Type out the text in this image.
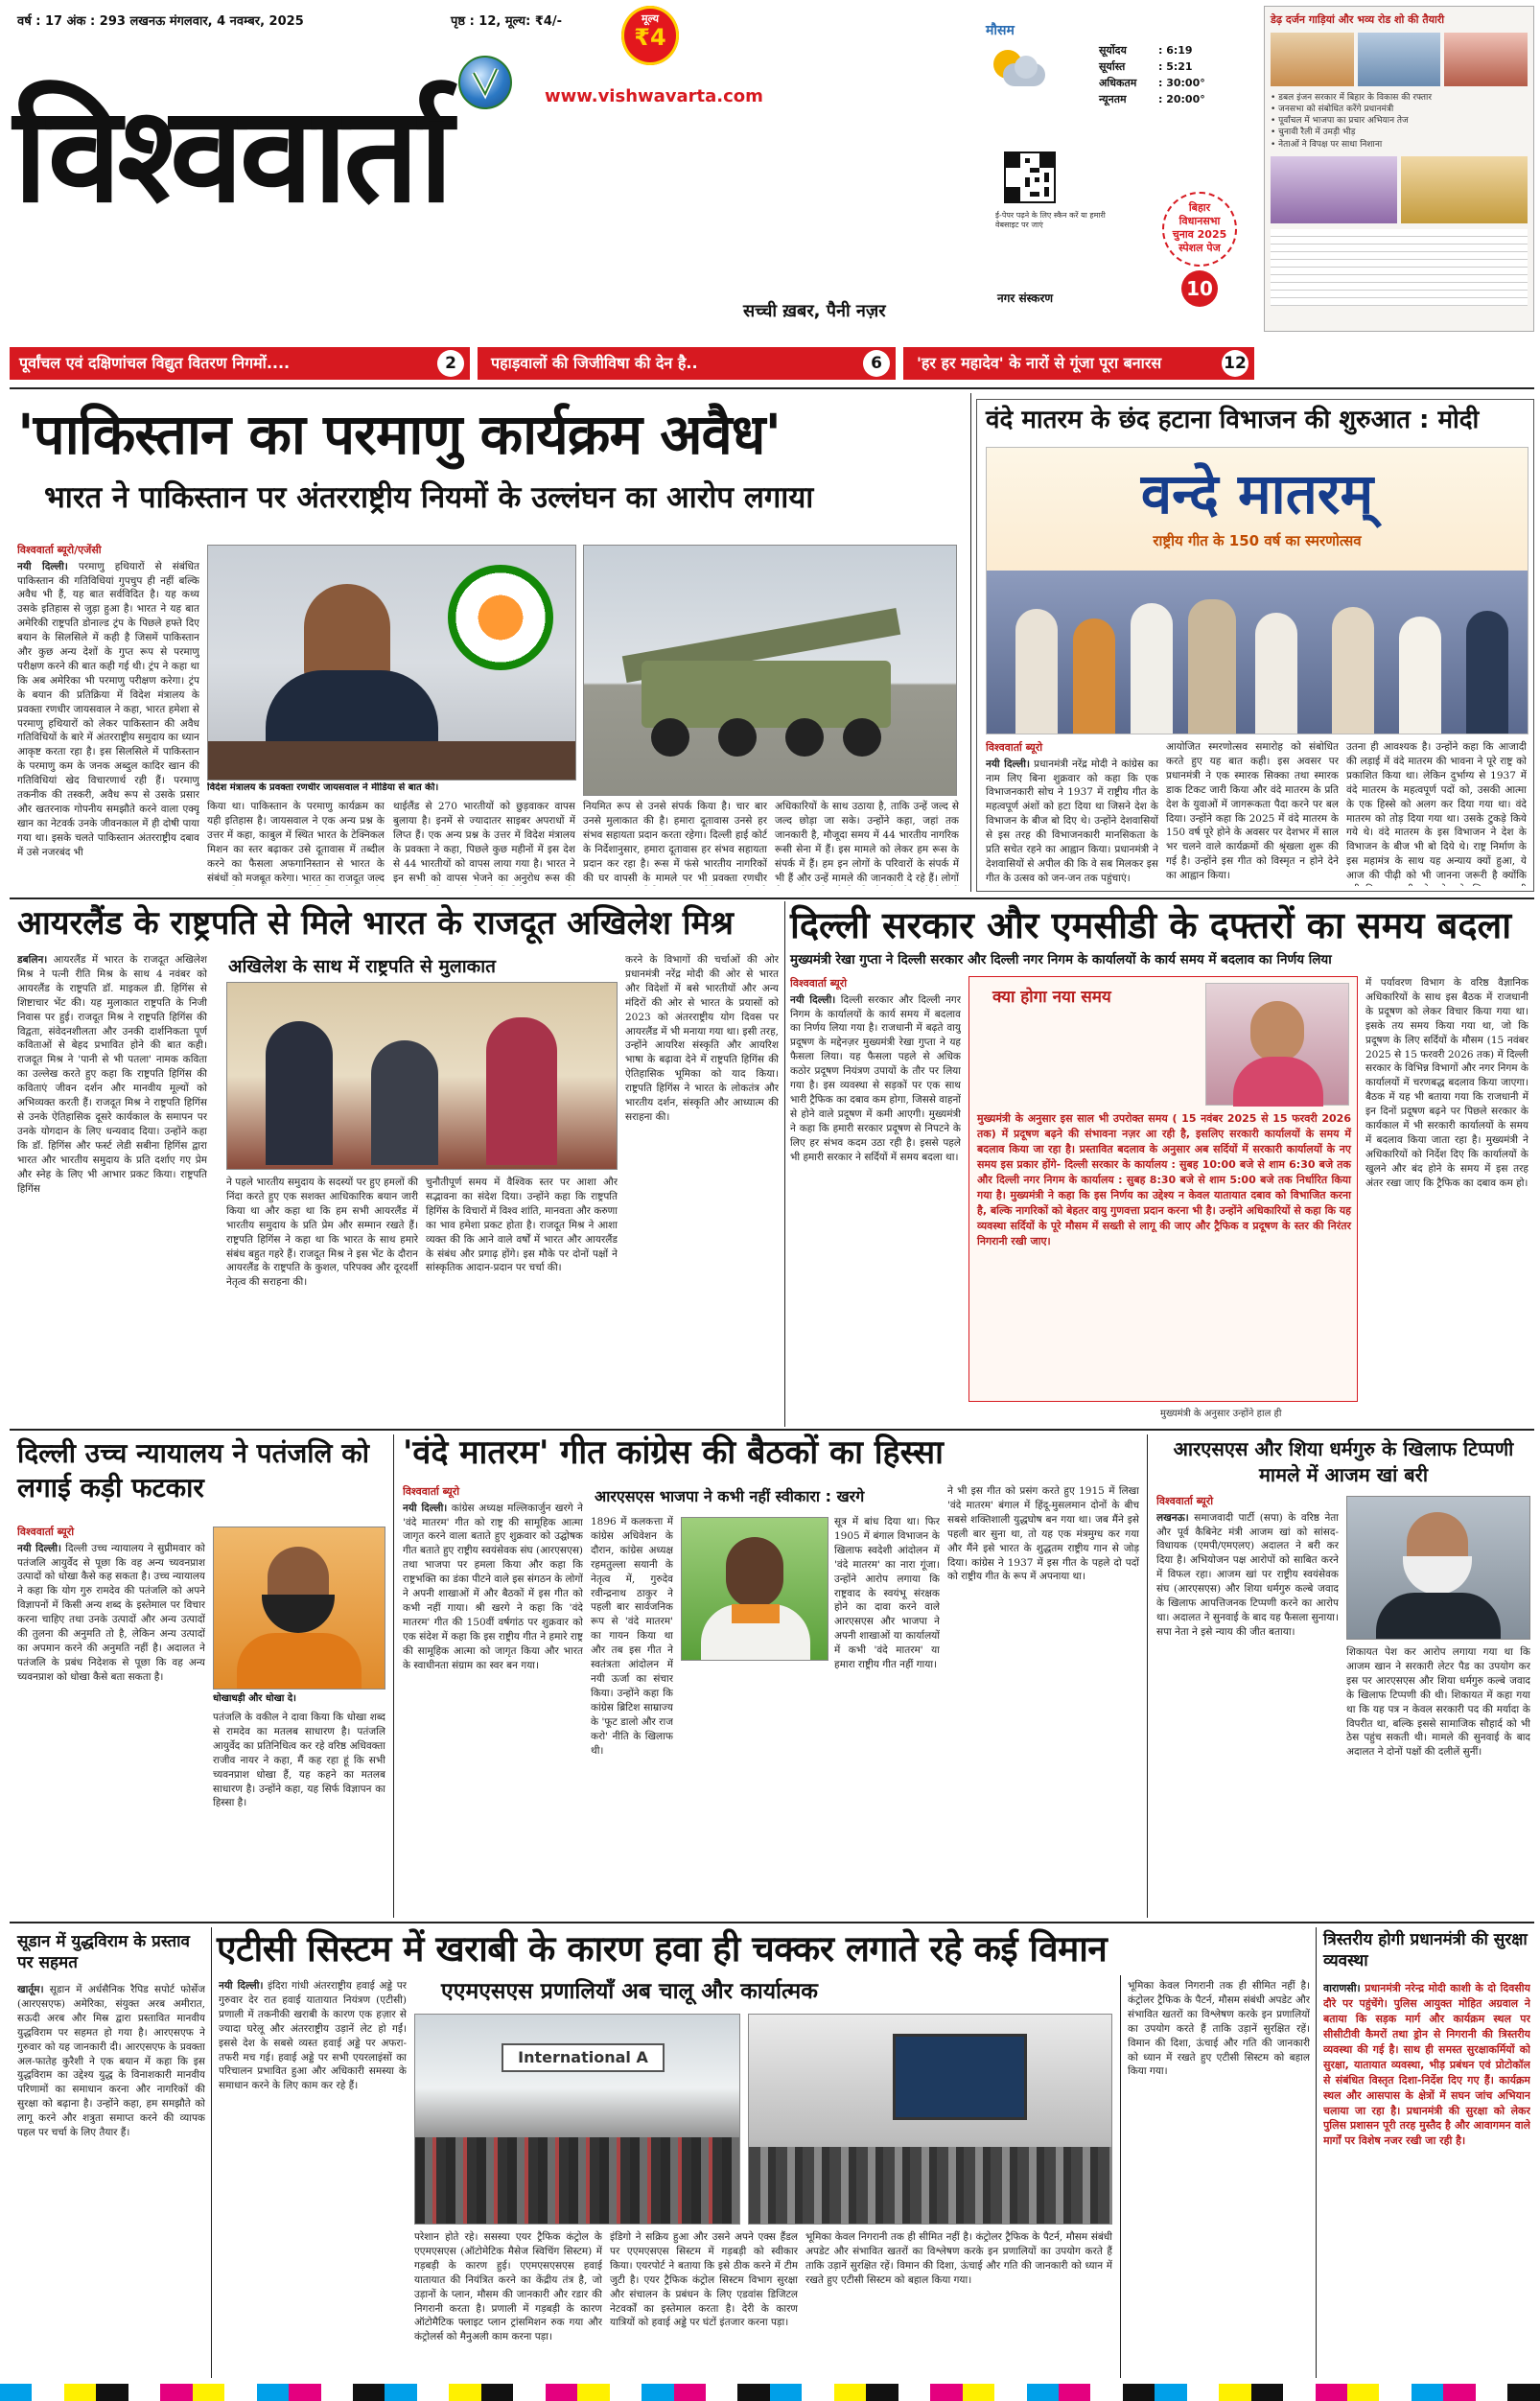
वर्ष : 17 अंक : 293 लखनऊ मंगलवार, 4 नवम्बर, 2025	पृष्ठ : 12, मूल्य: ₹4/-	मूल्य
₹4
www.vishwavarta.com
विश्ववार्ता
सच्ची ख़बर, पैनी नज़र
मौसम
सूर्योदय	: 6:19
सूर्यास्त	: 5:21
अधिकतम	: 30:00°
न्यूनतम	: 20:00°
ई-पेपर पढ़ने के लिए स्कैन करें या हमारी वेबसाइट पर जाएं
नगर संस्करण
बिहार
विधानसभा
चुनाव 2025
स्पेशल पेज
10
डेढ़ दर्जन गाड़ियां और भव्य रोड शो की तैयारी
• डबल इंजन सरकार में बिहार के विकास की रफ्तार
• जनसभा को संबोधित करेंगे प्रधानमंत्री
• पूर्वांचल में भाजपा का प्रचार अभियान तेज
• चुनावी रैली में उमड़ी भीड़
• नेताओं ने विपक्ष पर साधा निशाना
पूर्वांचल एवं दक्षिणांचल विद्युत वितरण निगमों....	2	पहाड़वालों की जिजीविषा की देन है..	6	'हर हर महादेव' के नारों से गूंजा पूरा बनारस	12
'पाकिस्तान का परमाणु कार्यक्रम अवैध'
भारत ने पाकिस्तान पर अंतरराष्ट्रीय नियमों के उल्लंघन का आरोप लगाया
विश्ववार्ता ब्यूरो/एजेंसी

नयी दिल्ली। परमाणु हथियारों से संबंधित पाकिस्तान की गतिविधियां गुपचुप ही नहीं बल्कि अवैध भी हैं, यह बात सर्वविदित है। यह कथ्य उसके इतिहास से जुड़ा हुआ है। भारत ने यह बात अमेरिकी राष्ट्रपति डोनाल्ड ट्रंप के पिछले हफ्ते दिए बयान के सिलसिले में कही है जिसमें पाकिस्तान और कुछ अन्य देशों के गुप्त रूप से परमाणु परीक्षण करने की बात कही गई थी। ट्रंप ने कहा था कि अब अमेरिका भी परमाणु परीक्षण करेगा। ट्रंप के बयान की प्रतिक्रिया में विदेश मंत्रालय के प्रवक्ता रणधीर जायसवाल ने कहा, भारत हमेशा से परमाणु हथियारों को लेकर पाकिस्तान की अवैध गतिविधियों के बारे में अंतरराष्ट्रीय समुदाय का ध्यान आकृष्ट करता रहा है। इस सिलसिले में पाकिस्तान के परमाणु कम के जनक अब्दुल कादिर खान की गतिविधियां खेद विचारणार्थ रही हैं। परमाणु तकनीक की तस्करी, अवैध रूप से उसके प्रसार और खतरनाक गोपनीय समझौते करने वाला एक्यू खान का नेटवर्क उनके जीवनकाल में ही दोषी पाया गया था। इसके चलते पाकिस्तान अंतरराष्ट्रीय दबाव में उसे नजरबंद भी

विदेश मंत्रालय के प्रवक्ता रणधीर जायसवाल ने मीडिया से बात की।
किया था। पाकिस्तान के परमाणु कार्यक्रम का यही इतिहास है। जायसवाल ने एक अन्य प्रश्न के उत्तर में कहा, काबुल में स्थित भारत के टेक्निकल मिशन का स्तर बढ़ाकर उसे दूतावास में तब्दील करने का फैसला अफगानिस्तान से भारत के संबंधों को मजबूत करेगा। भारत का राजदूत जल्द
थाईलैंड से 270 भारतीयों को छुड़वाकर वापस बुलाया है। इनमें से ज्यादातर साइबर अपराधों में लिप्त हैं। एक अन्य प्रश्न के उत्तर में विदेश मंत्रालय के प्रवक्ता ने कहा, पिछले कुछ महीनों में इस देश से 44 भारतीयों को वापस लाया गया है। भारत ने इन सभी को वापस भेजने का अनुरोध रूस की
नियमित रूप से उनसे संपर्क किया है। चार बार उनसे मुलाकात की है। हमारा दूतावास उनसे हर संभव सहायता प्रदान करता रहेगा। दिल्ली हाई कोर्ट के निर्देशानुसार, हमारा दूतावास हर संभव सहायता प्रदान कर रहा है। रूस में फंसे भारतीय नागरिकों की घर वापसी के मामले पर भी प्रवक्ता रणधीर
अधिकारियों के साथ उठाया है, ताकि उन्हें जल्द से जल्द छोड़ा जा सके। उन्होंने कहा, जहां तक जानकारी है, मौजूदा समय में 44 भारतीय नागरिक रूसी सेना में हैं। इस मामले को लेकर हम रूस के संपर्क में हैं। हम इन लोगों के परिवारों के संपर्क में भी हैं और उन्हें मामले की जानकारी दे रहे हैं। लोगों
वंदे मातरम के छंद हटाना विभाजन की शुरुआत : मोदी
वन्दे मातरम्
राष्ट्रीय गीत के 150 वर्ष का स्मरणोत्सव
विश्ववार्ता ब्यूरो

नयी दिल्ली। प्रधानमंत्री नरेंद्र मोदी ने कांग्रेस का नाम लिए बिना शुक्रवार को कहा कि एक विभाजनकारी सोच ने 1937 में राष्ट्रीय गीत के महत्वपूर्ण अंशों को हटा दिया था जिसने देश के विभाजन के बीज बो दिए थे। उन्होंने देशवासियों से इस तरह की विभाजनकारी मानसिकता के प्रति सचेत रहने का आह्वान किया। प्रधानमंत्री ने देशवासियों से अपील की कि वे सब मिलकर इस गीत के उत्सव को जन-जन तक पहुंचाएं।

आयोजित स्मरणोत्सव समारोह को संबोधित करते हुए यह बात कही। इस अवसर पर प्रधानमंत्री ने एक स्मारक सिक्का तथा स्मारक डाक टिकट जारी किया और वंदे मातरम के प्रति देश के युवाओं में जागरूकता पैदा करने पर बल दिया। उन्होंने कहा कि 2025 में वंदे मातरम के 150 वर्ष पूरे होने के अवसर पर देशभर में साल भर चलने वाले कार्यक्रमों की श्रृंखला शुरू की गई है। उन्होंने इस गीत को विस्मृत न होने देने का आह्वान किया।
उतना ही आवश्यक है। उन्होंने कहा कि आजादी की लड़ाई में वंदे मातरम की भावना ने पूरे राष्ट्र को प्रकाशित किया था। लेकिन दुर्भाग्य से 1937 में वंदे मातरम के महत्वपूर्ण पदों को, उसकी आत्मा के एक हिस्से को अलग कर दिया गया था। वंदे मातरम को तोड़ दिया गया था। उसके टुकड़े किये गये थे। वंदे मातरम के इस विभाजन ने देश के विभाजन के बीज भी बो दिये थे। राष्ट्र निर्माण के इस महामंत्र के साथ यह अन्याय क्यों हुआ, ये आज की पीढ़ी को भी जानना जरूरी है क्योंकि
आयरलैंड के राष्ट्रपति से मिले भारत के राजदूत अखिलेश मिश्र

डबलिन। आयरलैंड में भारत के राजदूत अखिलेश मिश्र ने पत्नी रीति मिश्र के साथ 4 नवंबर को आयरलैंड के राष्ट्रपति डॉ. माइकल डी. हिगिंस से शिष्टाचार भेंट की। यह मुलाकात राष्ट्रपति के निजी निवास पर हुई। राजदूत मिश्र ने राष्ट्रपति हिगिंस की विद्वता, संवेदनशीलता और उनकी दार्शनिकता पूर्ण कविताओं से बेहद प्रभावित होने की बात कही। राजदूत मिश्र ने 'पानी से भी पतला' नामक कविता का उल्लेख करते हुए कहा कि राष्ट्रपति हिगिंस की कविताएं जीवन दर्शन और मानवीय मूल्यों को अभिव्यक्त करती हैं। राजदूत मिश्र ने राष्ट्रपति हिगिंस से उनके ऐतिहासिक दूसरे कार्यकाल के समापन पर उनके योगदान के लिए धन्यवाद दिया। उन्होंने कहा कि डॉ. हिगिंस और फर्स्ट लेडी सबीना हिगिंस द्वारा भारत और भारतीय समुदाय के प्रति दर्शाए गए प्रेम और स्नेह के लिए भी आभार प्रकट किया। राष्ट्रपति हिगिंस

अखिलेश के साथ में राष्ट्रपति से मुलाकात
ने पहले भारतीय समुदाय के सदस्यों पर हुए हमलों की निंदा करते हुए एक सशक्त आधिकारिक बयान जारी किया था और कहा था कि हम सभी आयरलैंड में भारतीय समुदाय के प्रति प्रेम और सम्मान रखते हैं। राष्ट्रपति हिगिंस ने कहा था कि भारत के साथ हमारे संबंध बहुत गहरे हैं। राजदूत मिश्र ने इस भेंट के दौरान आयरलैंड के राष्ट्रपति के कुशल, परिपक्व और दूरदर्शी नेतृत्व की सराहना की।
चुनौतीपूर्ण समय में वैश्विक स्तर पर आशा और सद्भावना का संदेश दिया। उन्होंने कहा कि राष्ट्रपति हिगिंस के विचारों में विश्व शांति, मानवता और करुणा का भाव हमेशा प्रकट होता है। राजदूत मिश्र ने आशा व्यक्त की कि आने वाले वर्षों में भारत और आयरलैंड के संबंध और प्रगाढ़ होंगे। इस मौके पर दोनों पक्षों ने सांस्कृतिक आदान-प्रदान पर चर्चा की।
करने के विभागों की चर्चाओं की ओर प्रधानमंत्री नरेंद्र मोदी की ओर से भारत और विदेशों में बसे भारतीयों और अन्य मंदिरों की ओर से भारत के प्रयासों को 2023 को अंतरराष्ट्रीय योग दिवस पर आयरलैंड में भी मनाया गया था। इसी तरह, उन्होंने आयरिश संस्कृति और आयरिश भाषा के बढ़ावा देने में राष्ट्रपति हिगिंस की ऐतिहासिक भूमिका को याद किया। राष्ट्रपति हिगिंस ने भारत के लोकतंत्र और भारतीय दर्शन, संस्कृति और आध्यात्म की सराहना की।
दिल्ली सरकार और एमसीडी के दफ्तरों का समय बदला
मुख्यमंत्री रेखा गुप्ता ने दिल्ली सरकार और दिल्ली नगर निगम के कार्यालयों के कार्य समय में बदलाव का निर्णय लिया
विश्ववार्ता ब्यूरो

नयी दिल्ली। दिल्ली सरकार और दिल्ली नगर निगम के कार्यालयों के कार्य समय में बदलाव का निर्णय लिया गया है। राजधानी में बढ़ते वायु प्रदूषण के मद्देनज़र मुख्यमंत्री रेखा गुप्ता ने यह फैसला लिया। यह फैसला पहले से अधिक कठोर प्रदूषण नियंत्रण उपायों के तौर पर लिया गया है। इस व्यवस्था से सड़कों पर एक साथ भारी ट्रैफिक का दबाव कम होगा, जिससे वाहनों से होने वाले प्रदूषण में कमी आएगी। मुख्यमंत्री ने कहा कि हमारी सरकार प्रदूषण से निपटने के लिए हर संभव कदम उठा रही है। इससे पहले भी हमारी सरकार ने सर्दियों में समय बदला था।

क्या होगा नया समय
मुख्यमंत्री के अनुसार इस साल भी उपरोक्त समय ( 15 नवंबर 2025 से 15 फरवरी 2026 तक) में प्रदूषण बढ़ने की संभावना नज़र आ रही है, इसलिए सरकारी कार्यालयों के समय में बदलाव किया जा रहा है। प्रस्तावित बदलाव के अनुसार अब सर्दियों में सरकारी कार्यालयों के नए समय इस प्रकार होंगे- दिल्ली सरकार के कार्यालय : सुबह 10:00 बजे से शाम 6:30 बजे तक और दिल्ली नगर निगम के कार्यालय : सुबह 8:30 बजे से शाम 5:00 बजे तक निर्धारित किया गया है। मुख्यमंत्री ने कहा कि इस निर्णय का उद्देश्य न केवल यातायात दबाव को विभाजित करना है, बल्कि नागरिकों को बेहतर वायु गुणवत्ता प्रदान करना भी है। उन्होंने अधिकारियों से कहा कि यह व्यवस्था सर्दियों के पूरे मौसम में सख्ती से लागू की जाए और ट्रैफिक व प्रदूषण के स्तर की निरंतर निगरानी रखी जाए।
मुख्यमंत्री के अनुसार उन्होंने हाल ही
में पर्यावरण विभाग के वरिष्ठ वैज्ञानिक अधिकारियों के साथ इस बैठक में राजधानी के प्रदूषण को लेकर विचार किया गया था। इसके तय समय किया गया था, जो कि प्रदूषण के लिए सर्दियों के मौसम (15 नवंबर 2025 से 15 फरवरी 2026 तक) में दिल्ली सरकार के विभिन्न विभागों और नगर निगम के कार्यालयों में चरणबद्ध बदलाव किया जाएगा। बैठक में यह भी बताया गया कि राजधानी में इन दिनों प्रदूषण बढ़ने पर पिछले सरकार के कार्यकाल में भी सरकारी कार्यालयों के समय में बदलाव किया जाता रहा है। मुख्यमंत्री ने अधिकारियों को निर्देश दिए कि कार्यालयों के खुलने और बंद होने के समय में इस तरह अंतर रखा जाए कि ट्रैफिक का दबाव कम हो।
दिल्ली उच्च न्यायालय ने पतंजलि को लगाई कड़ी फटकार
विश्ववार्ता ब्यूरो

नयी दिल्ली। दिल्ली उच्च न्यायालय ने सुप्रीमवार को पतंजलि आयुर्वेद से पूछा कि वह अन्य च्यवनप्राश उत्पादों को धोखा कैसे कह सकता है। उच्च न्यायालय ने कहा कि योग गुरु रामदेव की पतंजलि को अपने विज्ञापनों में किसी अन्य शब्द के इस्तेमाल पर विचार करना चाहिए तथा उनके उत्पादों और अन्य उत्पादों की तुलना की अनुमति तो है, लेकिन अन्य उत्पादों का अपमान करने की अनुमति नहीं है। अदालत ने पतंजलि के प्रबंध निदेशक से पूछा कि वह अन्य च्यवनप्राश को धोखा कैसे बता सकता है।

धोखाधड़ी और धोखा दे।
पतंजलि के वकील ने दावा किया कि धोखा शब्द से रामदेव का मतलब साधारण है। पतंजलि आयुर्वेद का प्रतिनिधित्व कर रहे वरिष्ठ अधिवक्ता राजीव नायर ने कहा, मैं कह रहा हूं कि सभी च्यवनप्राश धोखा हैं, यह कहने का मतलब साधारण है। उन्होंने कहा, यह सिर्फ विज्ञापन का हिस्सा है।
'वंदे मातरम' गीत कांग्रेस की बैठकों का हिस्सा
विश्ववार्ता ब्यूरो

नयी दिल्ली। कांग्रेस अध्यक्ष मल्लिकार्जुन खरगे ने 'वंदे मातरम' गीत को राष्ट्र की सामूहिक आत्मा जागृत करने वाला बताते हुए शुक्रवार को उद्घोषक गीत बताते हुए राष्ट्रीय स्वयंसेवक संघ (आरएसएस) तथा भाजपा पर हमला किया और कहा कि राष्ट्रभक्ति का डंका पीटने वाले इस संगठन के लोगों ने अपनी शाखाओं में और बैठकों में इस गीत को कभी नहीं गाया। श्री खरगे ने कहा कि 'वंदे मातरम' गीत की 150वीं वर्षगांठ पर शुक्रवार को एक संदेश में कहा कि इस राष्ट्रीय गीत ने हमारे राष्ट्र की सामूहिक आत्मा को जागृत किया और भारत के स्वाधीनता संग्राम का स्वर बन गया।

आरएसएस भाजपा ने कभी नहीं स्वीकारा : खरगे
1896 में कलकत्ता में कांग्रेस अधिवेशन के दौरान, कांग्रेस अध्यक्ष रहमतुल्ला सयानी के नेतृत्व में, गुरुदेव रवीन्द्रनाथ ठाकुर ने पहली बार सार्वजनिक रूप से 'वंदे मातरम' का गायन किया था और तब इस गीत ने स्वतंत्रता आंदोलन में नयी ऊर्जा का संचार किया। उन्होंने कहा कि कांग्रेस ब्रिटिश साम्राज्य के 'फूट डालो और राज करो' नीति के खिलाफ थी।
सूत्र में बांध दिया था। फिर 1905 में बंगाल विभाजन के खिलाफ स्वदेशी आंदोलन में 'वंदे मातरम' का नारा गूंजा। उन्होंने आरोप लगाया कि राष्ट्रवाद के स्वयंभू संरक्षक होने का दावा करने वाले आरएसएस और भाजपा ने अपनी शाखाओं या कार्यालयों में कभी 'वंदे मातरम' या हमारा राष्ट्रीय गीत नहीं गाया।
ने भी इस गीत को प्रसंग करते हुए 1915 में लिखा 'वंदे मातरम' बंगाल में हिंदू-मुसलमान दोनों के बीच सबसे शक्तिशाली युद्धघोष बन गया था। जब मैंने इसे पहली बार सुना था, तो यह एक मंत्रमुग्ध कर गया और मैंने इसे भारत के शुद्धतम राष्ट्रीय गान से जोड़ दिया। कांग्रेस ने 1937 में इस गीत के पहले दो पदों को राष्ट्रीय गीत के रूप में अपनाया था।
आरएसएस और शिया धर्मगुरु के खिलाफ टिप्पणी मामले में आजम खां बरी
विश्ववार्ता ब्यूरो

लखनऊ। समाजवादी पार्टी (सपा) के वरिष्ठ नेता और पूर्व कैबिनेट मंत्री आजम खां को सांसद-विधायक (एमपी/एमएलए) अदालत ने बरी कर दिया है। अभियोजन पक्ष आरोपों को साबित करने में विफल रहा। आजम खां पर राष्ट्रीय स्वयंसेवक संघ (आरएसएस) और शिया धर्मगुरु कल्बे जवाद के खिलाफ आपत्तिजनक टिप्पणी करने का आरोप था। अदालत ने सुनवाई के बाद यह फैसला सुनाया। सपा नेता ने इसे न्याय की जीत बताया।

शिकायत पेश कर आरोप लगाया गया था कि आजम खान ने सरकारी लेटर पैड का उपयोग कर इस पर आरएसएस और शिया धर्मगुरु कल्बे जवाद के खिलाफ टिप्पणी की थी। शिकायत में कहा गया था कि यह पत्र न केवल सरकारी पद की मर्यादा के विपरीत था, बल्कि इससे सामाजिक सौहार्द को भी ठेस पहुंच सकती थी। मामले की सुनवाई के बाद अदालत ने दोनों पक्षों की दलीलें सुनीं।
सूडान में युद्धविराम के प्रस्ताव पर सहमत

खार्तूम। सूडान में अर्धसैनिक रैपिड सपोर्ट फोर्सेज (आरएसएफ) अमेरिका, संयुक्त अरब अमीरात, सऊदी अरब और मिस्र द्वारा प्रस्तावित मानवीय युद्धविराम पर सहमत हो गया है। आरएसएफ ने गुरुवार को यह जानकारी दी। आरएसएफ के प्रवक्ता अल-फातेह कुरैशी ने एक बयान में कहा कि इस युद्धविराम का उद्देश्य युद्ध के विनाशकारी मानवीय परिणामों का समाधान करना और नागरिकों की सुरक्षा को बढ़ाना है। उन्होंने कहा, हम समझौते को लागू करने और शत्रुता समाप्त करने की व्यापक पहल पर चर्चा के लिए तैयार हैं।

एटीसी सिस्टम में खराबी के कारण हवा ही चक्कर लगाते रहे कई विमान

नयी दिल्ली। इंदिरा गांधी अंतरराष्ट्रीय हवाई अड्डे पर गुरुवार देर रात हवाई यातायात नियंत्रण (एटीसी) प्रणाली में तकनीकी खराबी के कारण एक हज़ार से ज्यादा घरेलू और अंतरराष्ट्रीय उड़ानें लेट हो गईं। इससे देश के सबसे व्यस्त हवाई अड्डे पर अफरा-तफरी मच गई। हवाई अड्डे पर सभी एयरलाइंसों का परिचालन प्रभावित हुआ और अधिकारी समस्या के समाधान करने के लिए काम कर रहे हैं।

एएमएसएस प्रणालियाँ अब चालू और कार्यात्मक
International A
परेशान होते रहे। ससस्या एयर ट्रैफिक कंट्रोल के एएमएसएस (ऑटोमेटिक मैसेज स्विचिंग सिस्टम) में गड़बड़ी के कारण हुई। एएमएसएसएस हवाई यातायात की नियंत्रित करने का केंद्रीय तंत्र है, जो उड़ानों के प्लान, मौसम की जानकारी और रडार की निगरानी करता है। प्रणाली में गड़बड़ी के कारण ऑटोमैटिक फ्लाइट प्लान ट्रांसमिशन रुक गया और कंट्रोलर्स को मैनुअली काम करना पड़ा।
इंडिगो ने सक्रिय हुआ और उसने अपने एक्स हैंडल पर एएमएसएस सिस्टम में गड़बड़ी को स्वीकार किया। एयरपोर्ट ने बताया कि इसे ठीक करने में टीम जुटी है। एयर ट्रैफिक कंट्रोल सिस्टम विभाग सुरक्षा और संचालन के प्रबंधन के लिए एडवांस डिजिटल नेटवर्कों का इस्तेमाल करता है। देरी के कारण यात्रियों को हवाई अड्डे पर घंटों इंतजार करना पड़ा।
भूमिका केवल निगरानी तक ही सीमित नहीं है। कंट्रोलर ट्रैफिक के पैटर्न, मौसम संबंधी अपडेट और संभावित खतरों का विश्लेषण करके इन प्रणालियों का उपयोग करते हैं ताकि उड़ानें सुरक्षित रहें। विमान की दिशा, ऊंचाई और गति की जानकारी को ध्यान में रखते हुए एटीसी सिस्टम को बहाल किया गया।
भूमिका केवल निगरानी तक ही सीमित नहीं है। कंट्रोलर ट्रैफिक के पैटर्न, मौसम संबंधी अपडेट और संभावित खतरों का विश्लेषण करके इन प्रणालियों का उपयोग करते हैं ताकि उड़ानें सुरक्षित रहें। विमान की दिशा, ऊंचाई और गति की जानकारी को ध्यान में रखते हुए एटीसी सिस्टम को बहाल किया गया।
त्रिस्तरीय होगी प्रधानमंत्री की सुरक्षा व्यवस्था
वाराणसी। प्रधानमंत्री नरेन्द्र मोदी काशी के दो दिवसीय दौरे पर पहुंचेंगे। पुलिस आयुक्त मोहित अग्रवाल ने बताया कि सड़क मार्ग और कार्यक्रम स्थल पर सीसीटीवी कैमरों तथा ड्रोन से निगरानी की त्रिस्तरीय व्यवस्था की गई है। साथ ही समस्त सुरक्षाकर्मियों को सुरक्षा, यातायात व्यवस्था, भीड़ प्रबंधन एवं प्रोटोकॉल से संबंधित विस्तृत दिशा-निर्देश दिए गए हैं। कार्यक्रम स्थल और आसपास के क्षेत्रों में सघन जांच अभियान चलाया जा रहा है। प्रधानमंत्री की सुरक्षा को लेकर पुलिस प्रशासन पूरी तरह मुस्तैद है और आवागमन वाले मार्गों पर विशेष नजर रखी जा रही है।
